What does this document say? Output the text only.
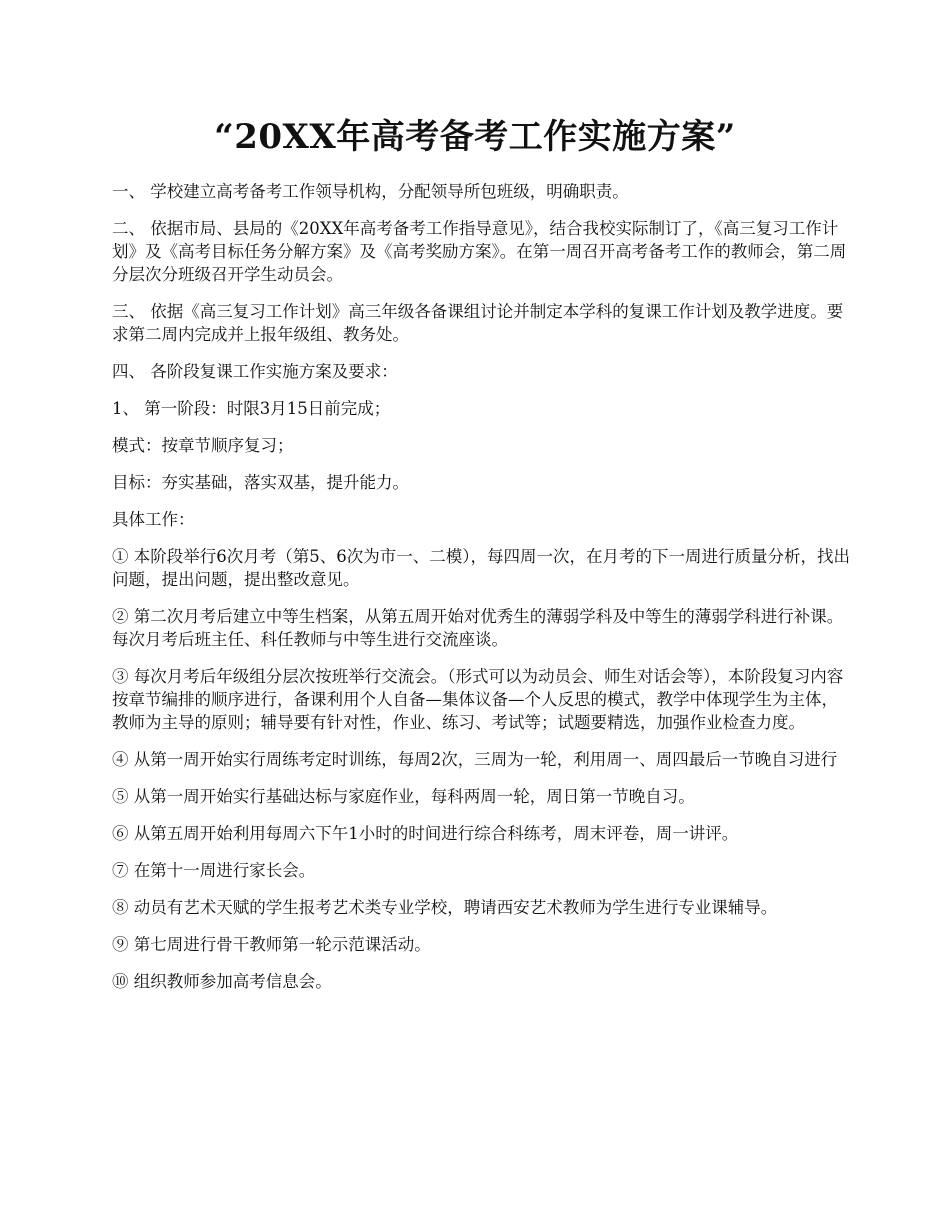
“20XX年高考备考工作实施方案”

一、 学校建立高考备考工作领导机构，分配领导所包班级，明确职责。

二、 依据市局、县局的《20XX年高考备考工作指导意见》，结合我校实际制订了，《高三复习工作计划》及《高考目标任务分解方案》及《高考奖励方案》。在第一周召开高考备考工作的教师会，第二周分层次分班级召开学生动员会。

三、 依据《高三复习工作计划》高三年级各备课组讨论并制定本学科的复课工作计划及教学进度。要求第二周内完成并上报年级组、教务处。

四、 各阶段复课工作实施方案及要求：

1、 第一阶段：时限3月15日前完成；

模式：按章节顺序复习；

目标：夯实基础，落实双基，提升能力。

具体工作：

① 本阶段举行6次月考（第5、6次为市一、二模），每四周一次，在月考的下一周进行质量分析，找出问题，提出问题，提出整改意见。

② 第二次月考后建立中等生档案，从第五周开始对优秀生的薄弱学科及中等生的薄弱学科进行补课。每次月考后班主任、科任教师与中等生进行交流座谈。

③ 每次月考后年级组分层次按班举行交流会。（形式可以为动员会、师生对话会等），本阶段复习内容按章节编排的顺序进行，备课利用个人自备—集体议备—个人反思的模式，教学中体现学生为主体，教师为主导的原则；辅导要有针对性，作业、练习、考试等；试题要精选，加强作业检查力度。

④ 从第一周开始实行周练考定时训练，每周2次，三周为一轮，利用周一、周四最后一节晚自习进行

⑤ 从第一周开始实行基础达标与家庭作业，每科两周一轮，周日第一节晚自习。

⑥ 从第五周开始利用每周六下午1小时的时间进行综合科练考，周末评卷，周一讲评。

⑦ 在第十一周进行家长会。

⑧ 动员有艺术天赋的学生报考艺术类专业学校，聘请西安艺术教师为学生进行专业课辅导。

⑨ 第七周进行骨干教师第一轮示范课活动。

⑩ 组织教师参加高考信息会。
